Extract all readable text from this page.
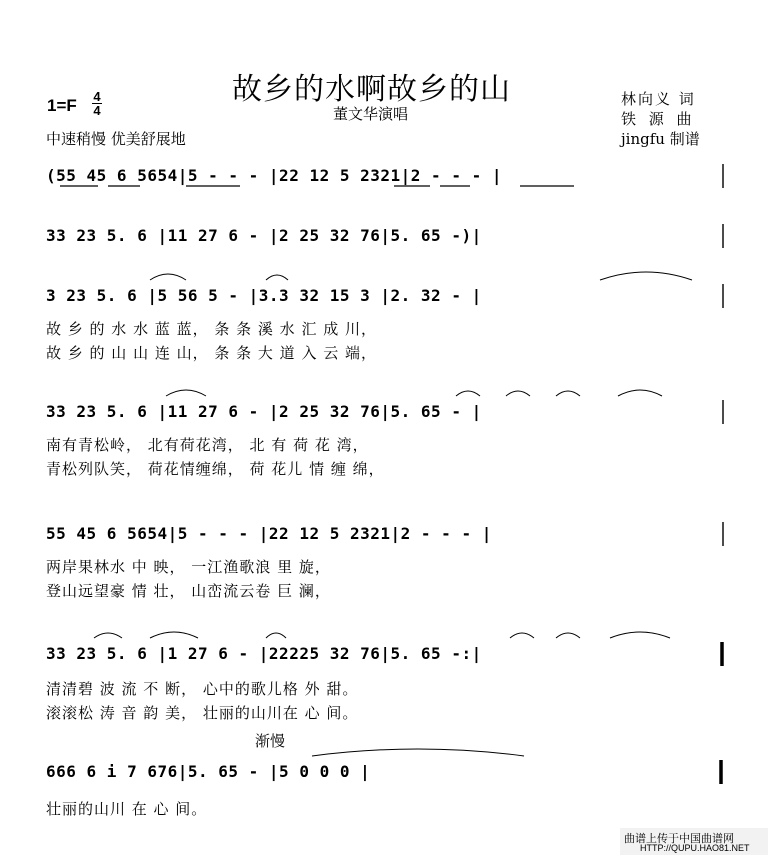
故乡的水啊故乡的山
董文华演唱
林向义 词
铁 源 曲
jingfu 制谱
$1=F \frac{4}{4}$
中速稍慢 优美舒展地
(55 45 6 5654|5 - - - |22 12 5 2321|2 - - - |
33 23 5. 6 |11 27 6 - |2 25 32 76|5. 65 -)|
3 23 5. 6 |5 56 5 - |3.3 32 15 3 |2. 32 - |
故 乡 的 水 水 蓝 蓝， 条 条 溪 水 汇 成 川，
故 乡 的 山 山 连 山， 条 条 大 道 入 云 端，
33 23 5. 6 |11 27 6 - |2 25 32 76|5. 65 - |
南有青松岭， 北有荷花湾， 北 有 荷 花 湾，
青松列队笑， 荷花情缠绵， 荷 花儿 情 缠 绵，
55 45 6 5654|5 - - - |22 12 5 2321|2 - - - |
两岸果林水 中 映， 一江渔歌浪 里 旋，
登山远望豪 情 壮， 山峦流云卷 巨 澜，
33 23 5. 6 |1 27 6 - |22225 32 76|5. 65 -:|
清清碧 波 流 不 断， 心中的歌儿格 外 甜。
滚滚松 涛 音 韵 美， 壮丽的山川在 心 间。
渐慢
666 6 i 7 676|5. 65 - |5 0 0 0 |
壮丽的山川 在 心 间。
曲谱上传于中国曲谱网
HTTP://QUPU.HAO81.NET
